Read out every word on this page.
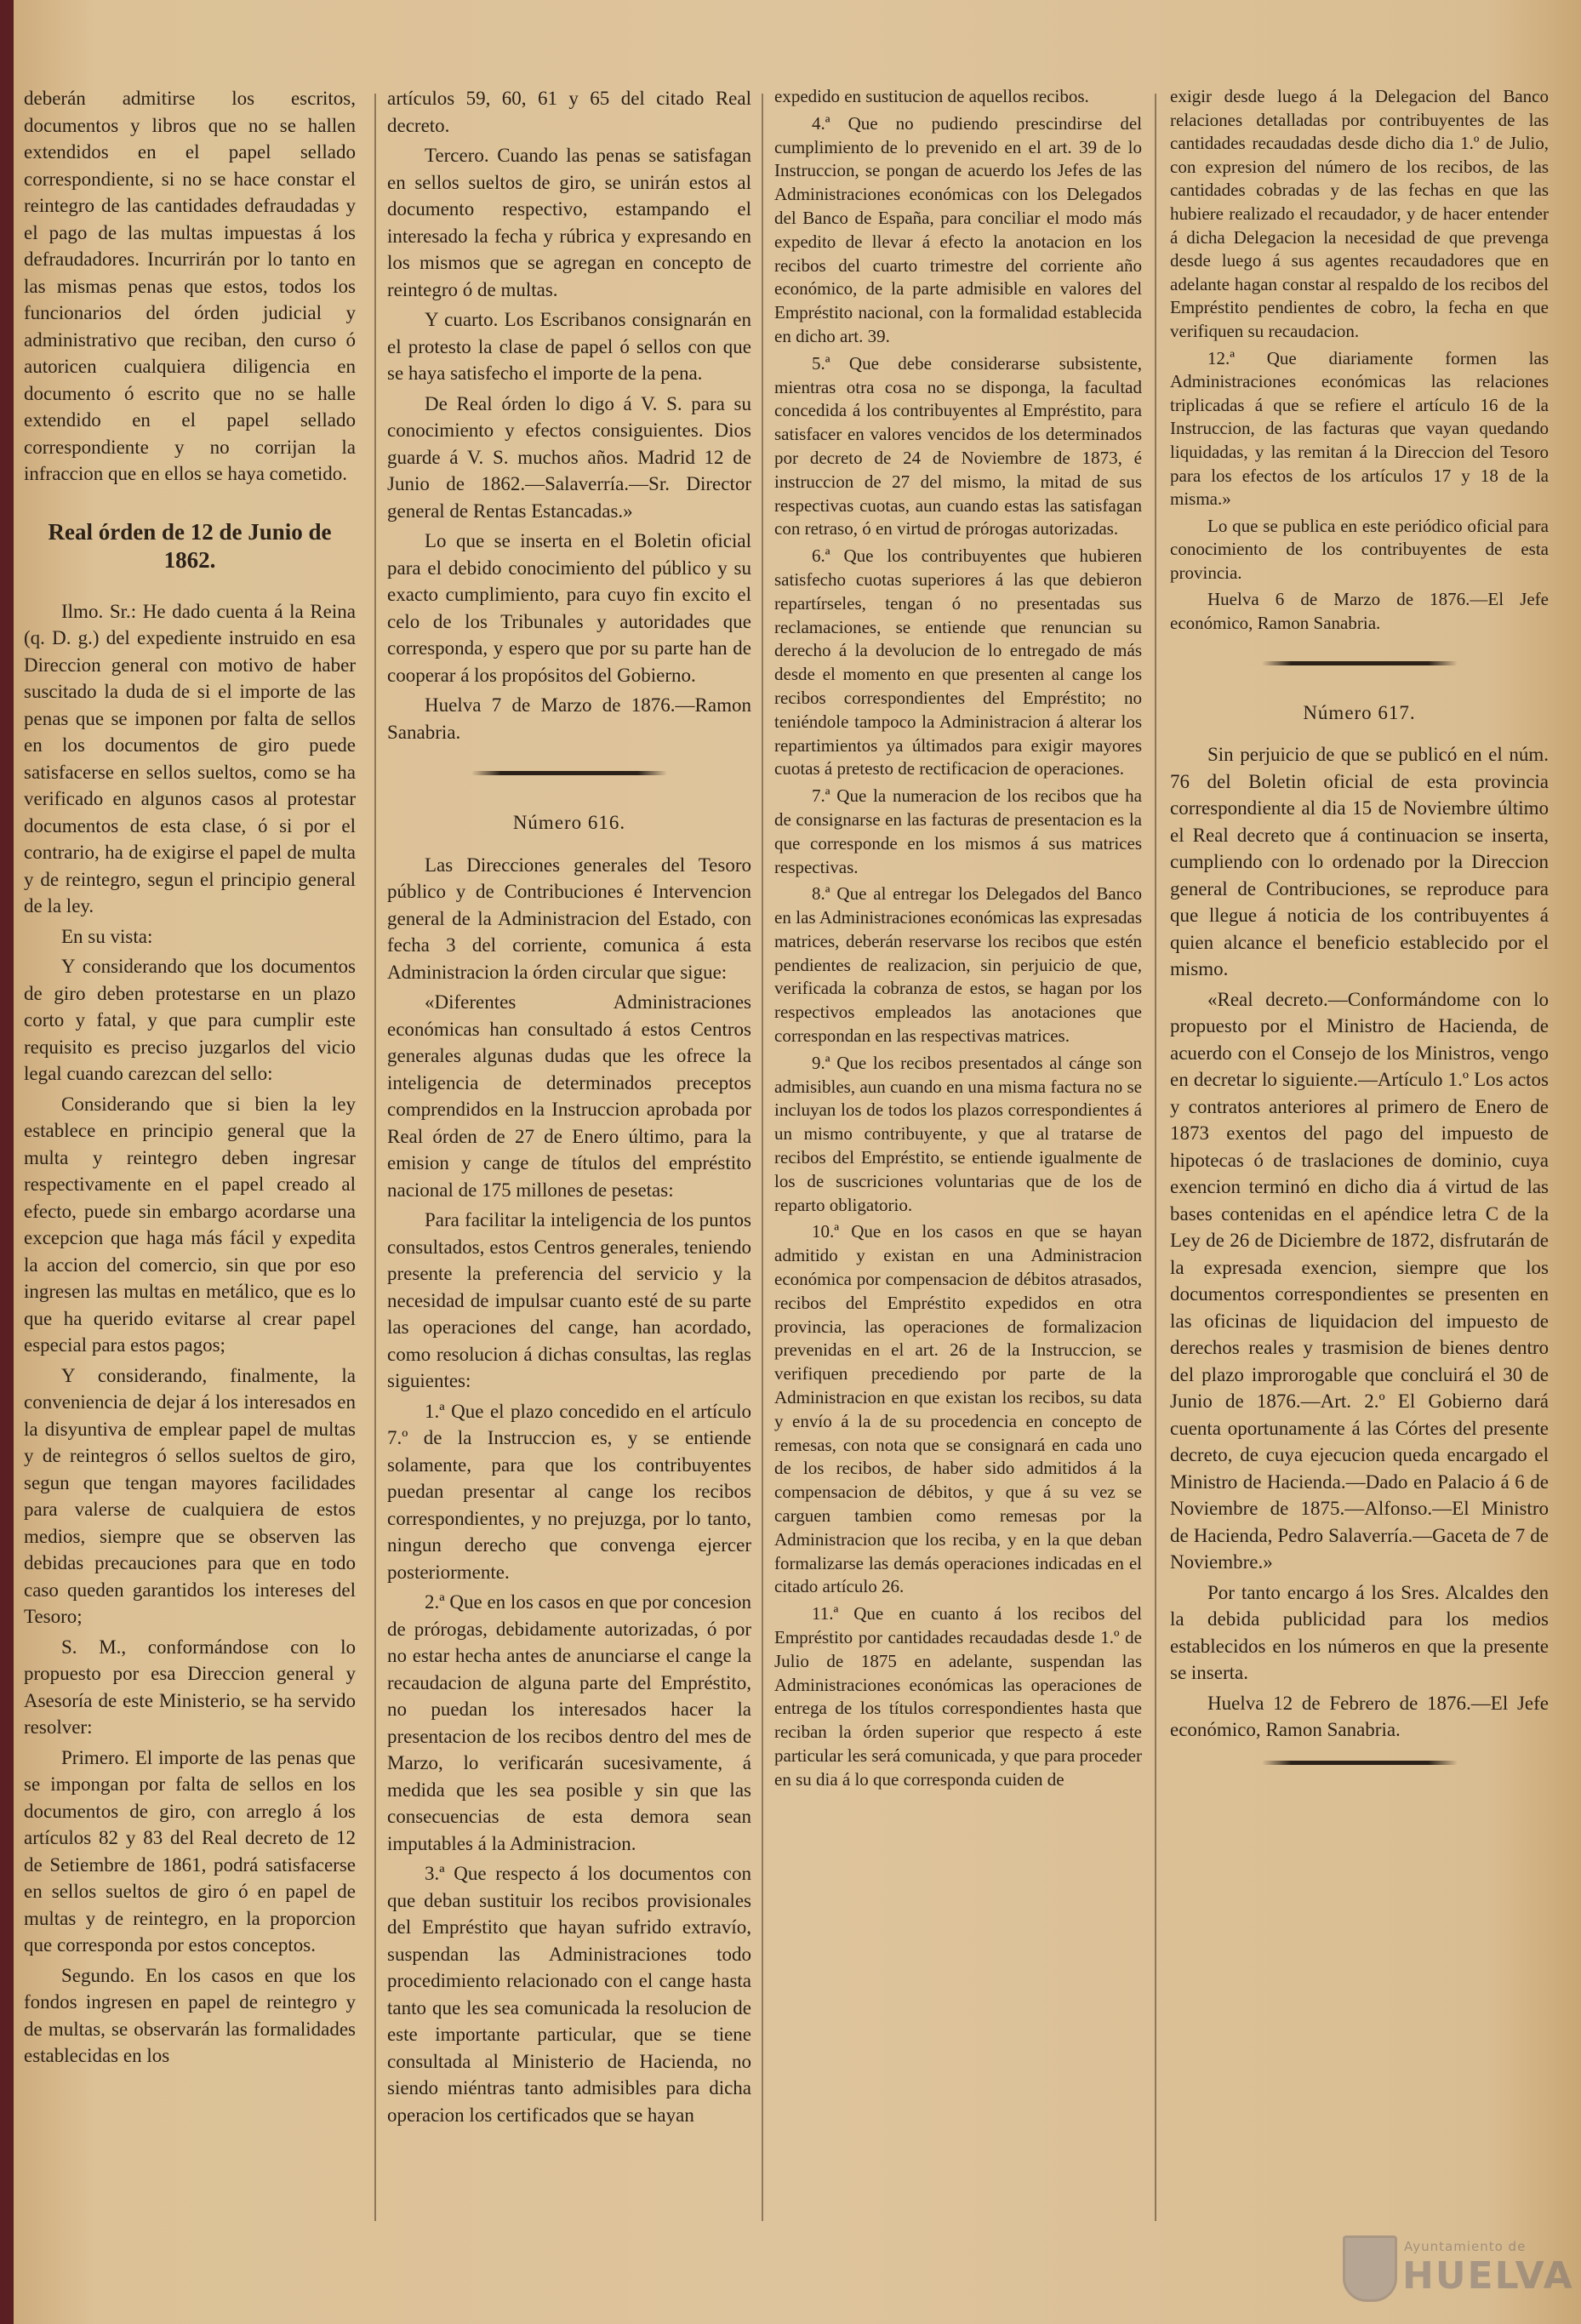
deberán admitirse los escritos, documentos y libros que no se hallen extendidos en el papel sellado correspondiente, si no se hace constar el reintegro de las cantidades defraudadas y el pago de las multas impuestas á los defraudadores. Incurrirán por lo tanto en las mismas penas que estos, todos los funcionarios del órden judicial y administrativo que reciban, den curso ó autoricen cualquiera diligencia en documento ó escrito que no se halle extendido en el papel sellado correspondiente y no corrijan la infraccion que en ellos se haya cometido.

Real órden de 12 de Junio de 1862.

Ilmo. Sr.: He dado cuenta á la Reina (q. D. g.) del expediente instruido en esa Direccion general con motivo de haber suscitado la duda de si el importe de las penas que se imponen por falta de sellos en los documentos de giro puede satisfacerse en sellos sueltos, como se ha verificado en algunos casos al protestar documentos de esta clase, ó si por el contrario, ha de exigirse el papel de multa y de reintegro, segun el principio general de la ley.

En su vista:

Y considerando que los documentos de giro deben protestarse en un plazo corto y fatal, y que para cumplir este requisito es preciso juzgarlos del vicio legal cuando carezcan del sello:

Considerando que si bien la ley establece en principio general que la multa y reintegro deben ingresar respectivamente en el papel creado al efecto, puede sin embargo acordarse una excepcion que haga más fácil y expedita la accion del comercio, sin que por eso ingresen las multas en metálico, que es lo que ha querido evitarse al crear papel especial para estos pagos;

Y considerando, finalmente, la conveniencia de dejar á los interesados en la disyuntiva de emplear papel de multas y de reintegros ó sellos sueltos de giro, segun que tengan mayores facilidades para valerse de cualquiera de estos medios, siempre que se observen las debidas precauciones para que en todo caso queden garantidos los intereses del Tesoro;

S. M., conformándose con lo propuesto por esa Direccion general y Asesoría de este Ministerio, se ha servido resolver:

Primero. El importe de las penas que se impongan por falta de sellos en los documentos de giro, con arreglo á los artículos 82 y 83 del Real decreto de 12 de Setiembre de 1861, podrá satisfacerse en sellos sueltos de giro ó en papel de multas y de reintegro, en la proporcion que corresponda por estos conceptos.

Segundo. En los casos en que los fondos ingresen en papel de reintegro y de multas, se observarán las formalidades establecidas en los

artículos 59, 60, 61 y 65 del citado Real decreto.

Tercero. Cuando las penas se satisfagan en sellos sueltos de giro, se unirán estos al documento respectivo, estampando el interesado la fecha y rúbrica y expresando en los mismos que se agregan en concepto de reintegro ó de multas.

Y cuarto. Los Escribanos consignarán en el protesto la clase de papel ó sellos con que se haya satisfecho el importe de la pena.

De Real órden lo digo á V. S. para su conocimiento y efectos consiguientes. Dios guarde á V. S. muchos años. Madrid 12 de Junio de 1862.—Salaverría.—Sr. Director general de Rentas Estancadas.»

Lo que se inserta en el Boletin oficial para el debido conocimiento del público y su exacto cumplimiento, para cuyo fin excito el celo de los Tribunales y autoridades que corresponda, y espero que por su parte han de cooperar á los propósitos del Gobierno.

Huelva 7 de Marzo de 1876.—Ramon Sanabria.

Número 616.

Las Direcciones generales del Tesoro público y de Contribuciones é Intervencion general de la Administracion del Estado, con fecha 3 del corriente, comunica á esta Administracion la órden circular que sigue:

«Diferentes Administraciones económicas han consultado á estos Centros generales algunas dudas que les ofrece la inteligencia de determinados preceptos comprendidos en la Instruccion aprobada por Real órden de 27 de Enero último, para la emision y cange de títulos del empréstito nacional de 175 millones de pesetas:

Para facilitar la inteligencia de los puntos consultados, estos Centros generales, teniendo presente la preferencia del servicio y la necesidad de impulsar cuanto esté de su parte las operaciones del cange, han acordado, como resolucion á dichas consultas, las reglas siguientes:

1.ª Que el plazo concedido en el artículo 7.º de la Instruccion es, y se entiende solamente, para que los contribuyentes puedan presentar al cange los recibos correspondientes, y no prejuzga, por lo tanto, ningun derecho que convenga ejercer posteriormente.

2.ª Que en los casos en que por concesion de prórogas, debidamente autorizadas, ó por no estar hecha antes de anunciarse el cange la recaudacion de alguna parte del Empréstito, no puedan los interesados hacer la presentacion de los recibos dentro del mes de Marzo, lo verificarán sucesivamente, á medida que les sea posible y sin que las consecuencias de esta demora sean imputables á la Administracion.

3.ª Que respecto á los documentos con que deban sustituir los recibos provisionales del Empréstito que hayan sufrido extravío, suspendan las Administraciones todo procedimiento relacionado con el cange hasta tanto que les sea comunicada la resolucion de este importante particular, que se tiene consultada al Ministerio de Hacienda, no siendo miéntras tanto admisibles para dicha operacion los certificados que se hayan

expedido en sustitucion de aquellos recibos.

4.ª Que no pudiendo prescindirse del cumplimiento de lo prevenido en el art. 39 de lo Instruccion, se pongan de acuerdo los Jefes de las Administraciones económicas con los Delegados del Banco de España, para conciliar el modo más expedito de llevar á efecto la anotacion en los recibos del cuarto trimestre del corriente año económico, de la parte admisible en valores del Empréstito nacional, con la formalidad establecida en dicho art. 39.

5.ª Que debe considerarse subsistente, mientras otra cosa no se disponga, la facultad concedida á los contribuyentes al Empréstito, para satisfacer en valores vencidos de los determinados por decreto de 24 de Noviembre de 1873, é instruccion de 27 del mismo, la mitad de sus respectivas cuotas, aun cuando estas las satisfagan con retraso, ó en virtud de prórogas autorizadas.

6.ª Que los contribuyentes que hubieren satisfecho cuotas superiores á las que debieron repartírseles, tengan ó no presentadas sus reclamaciones, se entiende que renuncian su derecho á la devolucion de lo entregado de más desde el momento en que presenten al cange los recibos correspondientes del Empréstito; no teniéndole tampoco la Administracion á alterar los repartimientos ya últimados para exigir mayores cuotas á pretesto de rectificacion de operaciones.

7.ª Que la numeracion de los recibos que ha de consignarse en las facturas de presentacion es la que corresponde en los mismos á sus matrices respectivas.

8.ª Que al entregar los Delegados del Banco en las Administraciones económicas las expresadas matrices, deberán reservarse los recibos que estén pendientes de realizacion, sin perjuicio de que, verificada la cobranza de estos, se hagan por los respectivos empleados las anotaciones que correspondan en las respectivas matrices.

9.ª Que los recibos presentados al cánge son admisibles, aun cuando en una misma factura no se incluyan los de todos los plazos correspondientes á un mismo contribuyente, y que al tratarse de recibos del Empréstito, se entiende igualmente de los de suscriciones voluntarias que de los de reparto obligatorio.

10.ª Que en los casos en que se hayan admitido y existan en una Administracion económica por compensacion de débitos atrasados, recibos del Empréstito expedidos en otra provincia, las operaciones de formalizacion prevenidas en el art. 26 de la Instruccion, se verifiquen precediendo por parte de la Administracion en que existan los recibos, su data y envío á la de su procedencia en concepto de remesas, con nota que se consignará en cada uno de los recibos, de haber sido admitidos á la compensacion de débitos, y que á su vez se carguen tambien como remesas por la Administracion que los reciba, y en la que deban formalizarse las demás operaciones indicadas en el citado artículo 26.

11.ª Que en cuanto á los recibos del Empréstito por cantidades recaudadas desde 1.º de Julio de 1875 en adelante, suspendan las Administraciones económicas las operaciones de entrega de los títulos correspondientes hasta que reciban la órden superior que respecto á este particular les será comunicada, y que para proceder en su dia á lo que corresponda cuiden de

exigir desde luego á la Delegacion del Banco relaciones detalladas por contribuyentes de las cantidades recaudadas desde dicho dia 1.º de Julio, con expresion del número de los recibos, de las cantidades cobradas y de las fechas en que las hubiere realizado el recaudador, y de hacer entender á dicha Delegacion la necesidad de que prevenga desde luego á sus agentes recaudadores que en adelante hagan constar al respaldo de los recibos del Empréstito pendientes de cobro, la fecha en que verifiquen su recaudacion.

12.ª Que diariamente formen las Administraciones económicas las relaciones triplicadas á que se refiere el artículo 16 de la Instruccion, de las facturas que vayan quedando liquidadas, y las remitan á la Direccion del Tesoro para los efectos de los artículos 17 y 18 de la misma.»

Lo que se publica en este periódico oficial para conocimiento de los contribuyentes de esta provincia.

Huelva 6 de Marzo de 1876.—El Jefe económico, Ramon Sanabria.

Número 617.

Sin perjuicio de que se publicó en el núm. 76 del Boletin oficial de esta provincia correspondiente al dia 15 de Noviembre último el Real decreto que á continuacion se inserta, cumpliendo con lo ordenado por la Direccion general de Contribuciones, se reproduce para que llegue á noticia de los contribuyentes á quien alcance el beneficio establecido por el mismo.

«Real decreto.—Conformándome con lo propuesto por el Ministro de Hacienda, de acuerdo con el Consejo de los Ministros, vengo en decretar lo siguiente.—Artículo 1.º Los actos y contratos anteriores al primero de Enero de 1873 exentos del pago del impuesto de hipotecas ó de traslaciones de dominio, cuya exencion terminó en dicho dia á virtud de las bases contenidas en el apéndice letra C de la Ley de 26 de Diciembre de 1872, disfrutarán de la expresada exencion, siempre que los documentos correspondientes se presenten en las oficinas de liquidacion del impuesto de derechos reales y trasmision de bienes dentro del plazo improrogable que concluirá el 30 de Junio de 1876.—Art. 2.º El Gobierno dará cuenta oportunamente á las Córtes del presente decreto, de cuya ejecucion queda encargado el Ministro de Hacienda.—Dado en Palacio á 6 de Noviembre de 1875.—Alfonso.—El Ministro de Hacienda, Pedro Salaverría.—Gaceta de 7 de Noviembre.»

Por tanto encargo á los Sres. Alcaldes den la debida publicidad para los medios establecidos en los números en que la presente se inserta.

Huelva 12 de Febrero de 1876.—El Jefe económico, Ramon Sanabria.

Ayuntamiento de
HUELVA
